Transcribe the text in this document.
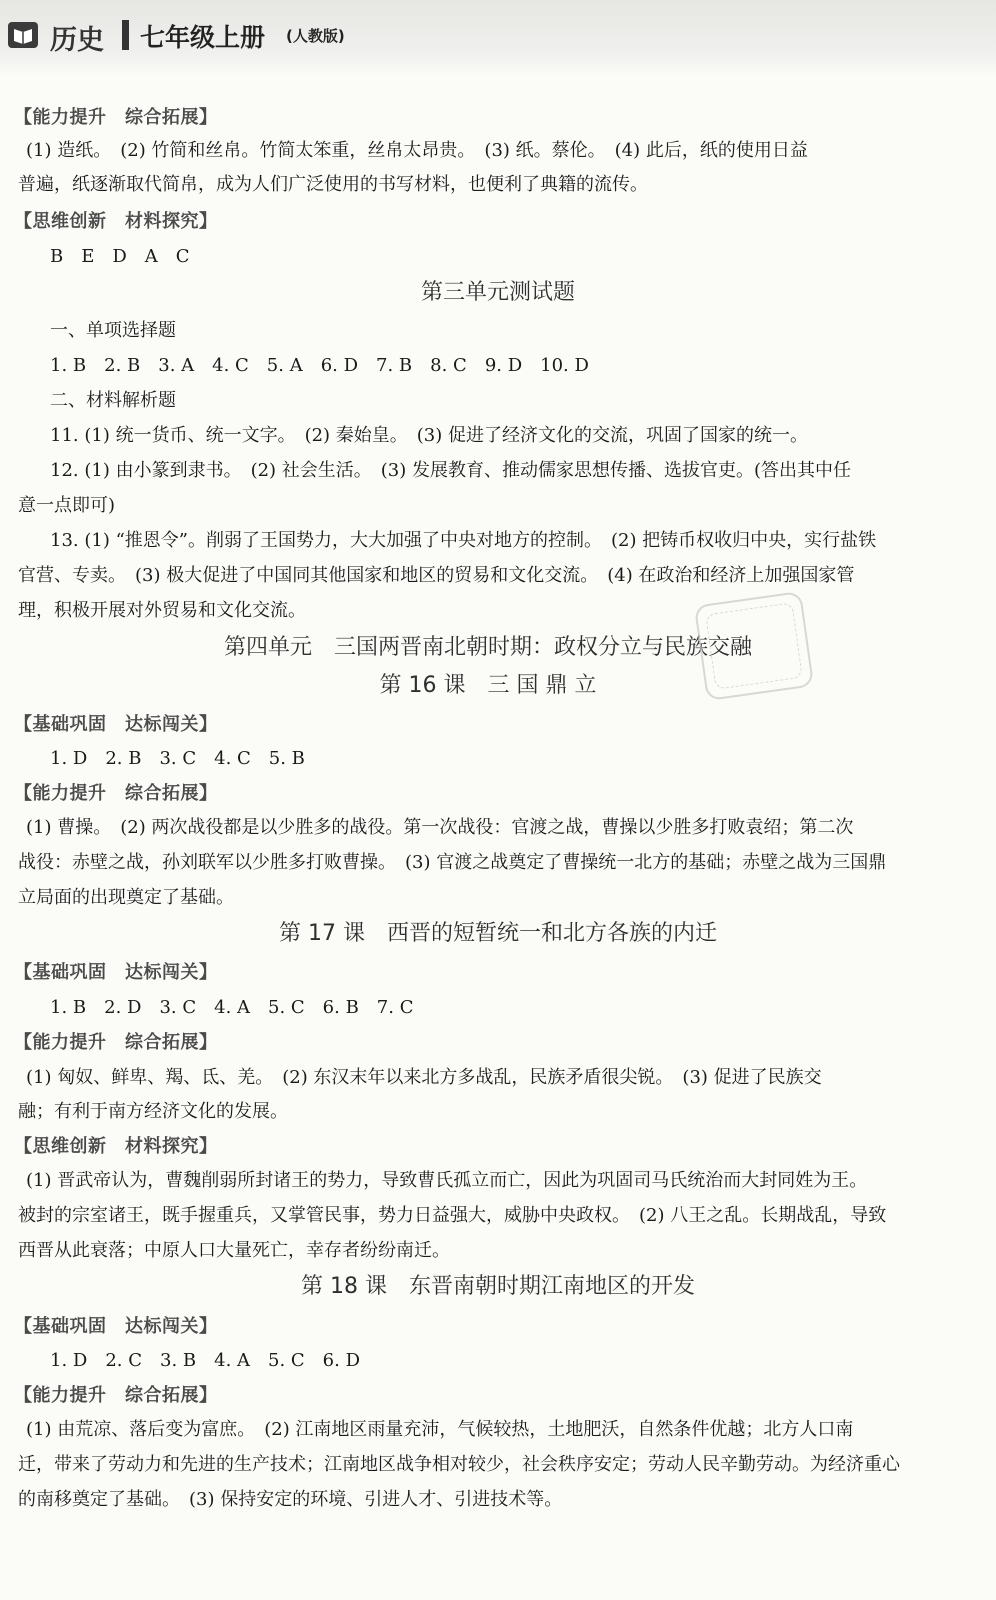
历史 七年级上册 (人教版)
【能力提升　综合拓展】
(1) 造纸。　(2) 竹简和丝帛。竹简太笨重，丝帛太昂贵。　(3) 纸。蔡伦。　(4) 此后，纸的使用日益
普遍，纸逐渐取代简帛，成为人们广泛使用的书写材料，也便利了典籍的流传。
【思维创新　材料探究】
B　E　D　A　C
第三单元测试题
一、单项选择题
1. B　2. B　3. A　4. C　5. A　6. D　7. B　8. C　9. D　10. D
二、材料解析题
11. (1) 统一货币、统一文字。　(2) 秦始皇。　(3) 促进了经济文化的交流，巩固了国家的统一。
12. (1) 由小篆到隶书。　(2) 社会生活。　(3) 发展教育、推动儒家思想传播、选拔官吏。(答出其中任
意一点即可)
13. (1) “推恩令”。削弱了王国势力，大大加强了中央对地方的控制。　(2) 把铸币权收归中央，实行盐铁
官营、专卖。　(3) 极大促进了中国同其他国家和地区的贸易和文化交流。　(4) 在政治和经济上加强国家管
理，积极开展对外贸易和文化交流。
第四单元　三国两晋南北朝时期：政权分立与民族交融
第 16 课　三 国 鼎 立
【基础巩固　达标闯关】
1. D　2. B　3. C　4. C　5. B
【能力提升　综合拓展】
(1) 曹操。　(2) 两次战役都是以少胜多的战役。第一次战役：官渡之战，曹操以少胜多打败袁绍；第二次
战役：赤壁之战，孙刘联军以少胜多打败曹操。　(3) 官渡之战奠定了曹操统一北方的基础；赤壁之战为三国鼎
立局面的出现奠定了基础。
第 17 课　西晋的短暂统一和北方各族的内迁
【基础巩固　达标闯关】
1. B　2. D　3. C　4. A　5. C　6. B　7. C
【能力提升　综合拓展】
(1) 匈奴、鲜卑、羯、氐、羌。　(2) 东汉末年以来北方多战乱，民族矛盾很尖锐。　(3) 促进了民族交
融；有利于南方经济文化的发展。
【思维创新　材料探究】
(1) 晋武帝认为，曹魏削弱所封诸王的势力，导致曹氏孤立而亡，因此为巩固司马氏统治而大封同姓为王。
被封的宗室诸王，既手握重兵，又掌管民事，势力日益强大，威胁中央政权。　(2) 八王之乱。长期战乱，导致
西晋从此衰落；中原人口大量死亡，幸存者纷纷南迁。
第 18 课　东晋南朝时期江南地区的开发
【基础巩固　达标闯关】
1. D　2. C　3. B　4. A　5. C　6. D
【能力提升　综合拓展】
(1) 由荒凉、落后变为富庶。　(2) 江南地区雨量充沛，气候较热，土地肥沃，自然条件优越；北方人口南
迁，带来了劳动力和先进的生产技术；江南地区战争相对较少，社会秩序安定；劳动人民辛勤劳动。为经济重心
的南移奠定了基础。　(3) 保持安定的环境、引进人才、引进技术等。
